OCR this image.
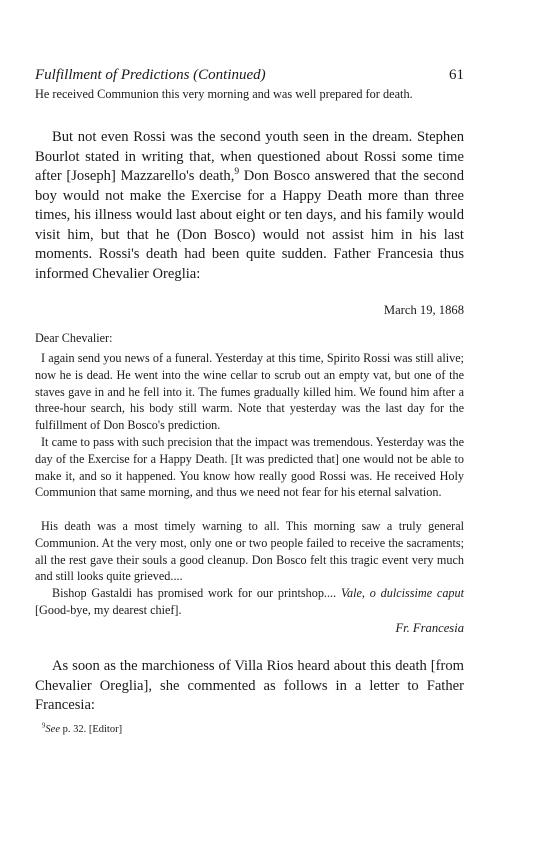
Fulfillment of Predictions (Continued)	61
He received Communion this very morning and was well prepared for death.
But not even Rossi was the second youth seen in the dream. Stephen Bourlot stated in writing that, when questioned about Rossi some time after [Joseph] Mazzarello's death,$^9$ Don Bosco answered that the second boy would not make the Exercise for a Happy Death more than three times, his illness would last about eight or ten days, and his family would visit him, but that he (Don Bosco) would not assist him in his last moments. Rossi's death had been quite sudden. Father Francesia thus informed Chevalier Oreglia:
March 19, 1868
Dear Chevalier:
I again send you news of a funeral. Yesterday at this time, Spirito Rossi was still alive; now he is dead. He went into the wine cellar to scrub out an empty vat, but one of the staves gave in and he fell into it. The fumes gradually killed him. We found him after a three-hour search, his body still warm. Note that yesterday was the last day for the fulfillment of Don Bosco's prediction.
It came to pass with such precision that the impact was tremendous. Yesterday was the day of the Exercise for a Happy Death. [It was predicted that] one would not be able to make it, and so it happened. You know how really good Rossi was. He received Holy Communion that same morning, and thus we need not fear for his eternal salvation.
His death was a most timely warning to all. This morning saw a truly general Communion. At the very most, only one or two people failed to receive the sacraments; all the rest gave their souls a good cleanup. Don Bosco felt this tragic event very much and still looks quite grieved....
Bishop Gastaldi has promised work for our printshop.... Vale, o dulcissime caput [Good-bye, my dearest chief].
Fr. Francesia
As soon as the marchioness of Villa Rios heard about this death [from Chevalier Oreglia], she commented as follows in a letter to Father Francesia:
$^9$See p. 32. [Editor]
